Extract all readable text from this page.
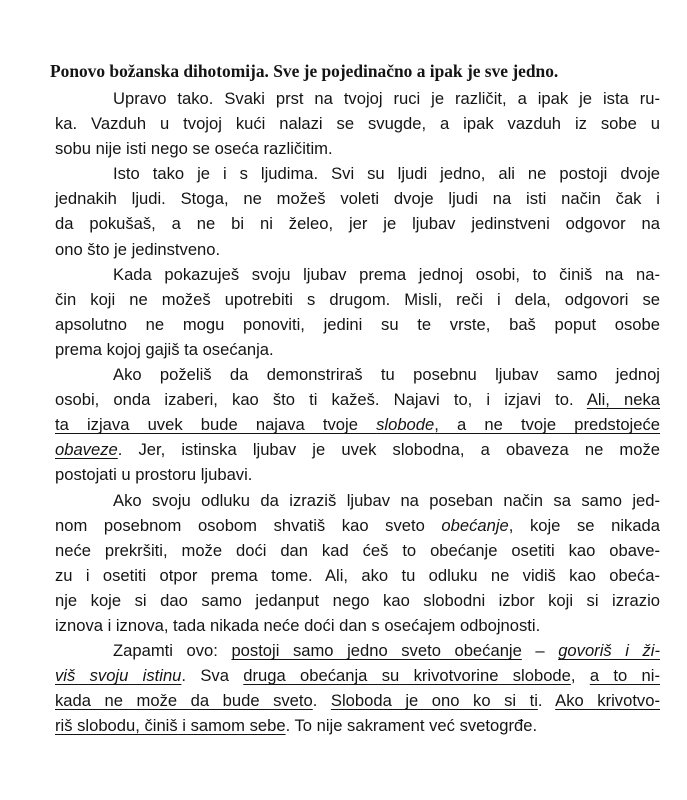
Ponovo božanska dihotomija. Sve je pojedinačno a ipak je sve jedno.

Upravo tako. Svaki prst na tvojoj ruci je različit, a ipak je ista ru-
ka. Vazduh u tvojoj kući nalazi se svugde, a ipak vazduh iz sobe u
sobu nije isti nego se oseća različitim.

Isto tako je i s ljudima. Svi su ljudi jedno, ali ne postoji dvoje
jednakih ljudi. Stoga, ne možeš voleti dvoje ljudi na isti način čak i
da pokušaš, a ne bi ni želeo, jer je ljubav jedinstveni odgovor na
ono što je jedinstveno.

Kada pokazuješ svoju ljubav prema jednoj osobi, to činiš na na-
čin koji ne možeš upotrebiti s drugom. Misli, reči i dela, odgovori se
apsolutno ne mogu ponoviti, jedini su te vrste, baš poput osobe
prema kojoj gajiš ta osećanja.

Ako poželiš da demonstriraš tu posebnu ljubav samo jednoj
osobi, onda izaberi, kao što ti kažeš. Najavi to, i izjavi to. Ali, neka
ta izjava uvek bude najava tvoje slobode, a ne tvoje predstojeće
obaveze. Jer, istinska ljubav je uvek slobodna, a obaveza ne može
postojati u prostoru ljubavi.

Ako svoju odluku da izraziš ljubav na poseban način sa samo jed-
nom posebnom osobom shvatiš kao sveto obećanje, koje se nikada
neće prekršiti, može doći dan kad ćeš to obećanje osetiti kao obave-
zu i osetiti otpor prema tome. Ali, ako tu odluku ne vidiš kao obeća-
nje koje si dao samo jedanput nego kao slobodni izbor koji si izrazio
iznova i iznova, tada nikada neće doći dan s osećajem odbojnosti.

Zapamti ovo: postoji samo jedno sveto obećanje – govoriš i ži-
viš svoju istinu. Sva druga obećanja su krivotvorine slobode, a to ni-
kada ne može da bude sveto. Sloboda je ono ko si ti. Ako krivotvo-
riš slobodu, činiš i samom sebe. To nije sakrament već svetogrđe.
